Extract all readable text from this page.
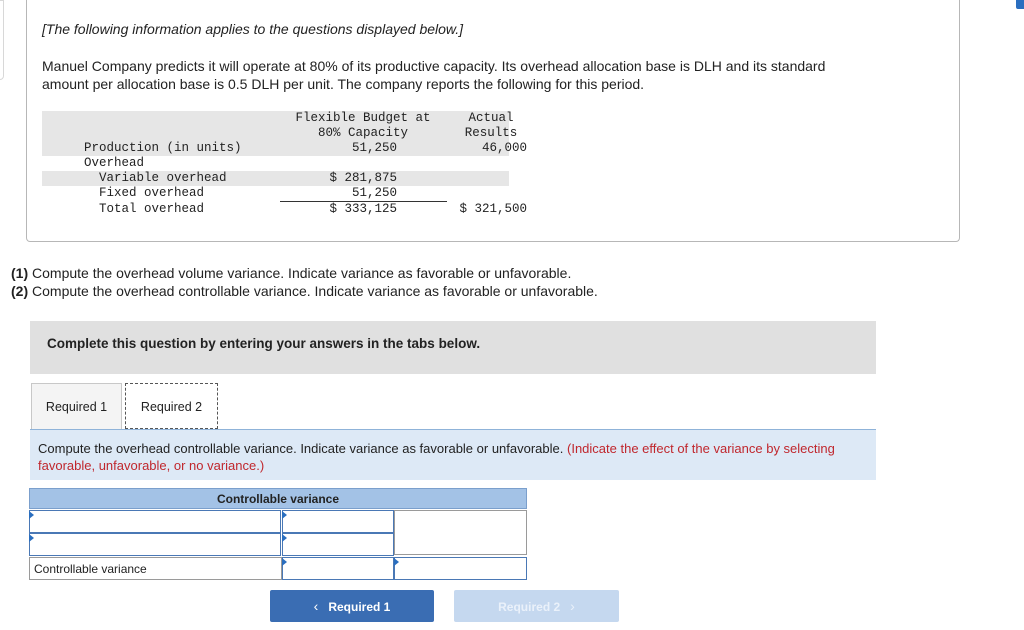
[The following information applies to the questions displayed below.]
Manuel Company predicts it will operate at 80% of its productive capacity. Its overhead allocation base is DLH and its standard amount per allocation base is 0.5 DLH per unit. The company reports the following for this period.
Flexible Budget at
80% Capacity
Actual
Results
Production (in units)	51,250	46,000
Overhead
Variable overhead	$ 281,875
Fixed overhead	51,250
Total overhead	$ 333,125	$ 321,500
(1) Compute the overhead volume variance. Indicate variance as favorable or unfavorable.
(2) Compute the overhead controllable variance. Indicate variance as favorable or unfavorable.
Complete this question by entering your answers in the tabs below.
Required 1	Required 2
Compute the overhead controllable variance. Indicate variance as favorable or unfavorable. (Indicate the effect of the variance by selecting favorable, unfavorable, or no variance.)
Controllable variance
Controllable variance
‹ Required 1	Required 2 ›
